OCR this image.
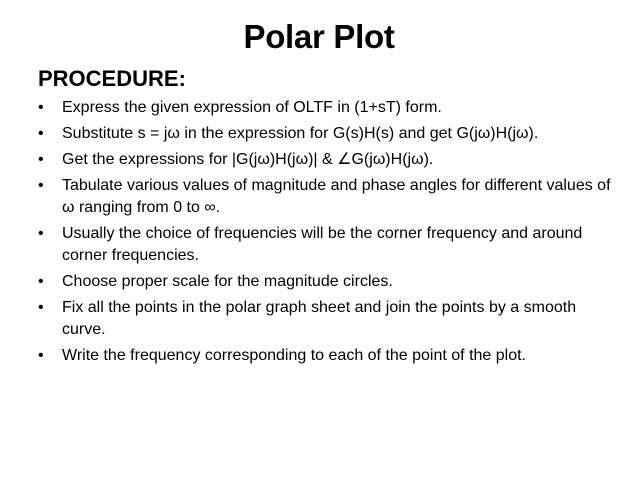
Polar Plot
PROCEDURE:
•	Express the given expression of OLTF in (1+sT) form.
•	Substitute s = jω in the expression for G(s)H(s) and get G(jω)H(jω).
•	Get the expressions for |G(jω)H(jω)| & ∠G(jω)H(jω).
•	Tabulate various values of magnitude and phase angles for different values of ω ranging from 0 to ∞.
•	Usually the choice of frequencies will be the corner frequency and around corner frequencies.
•	Choose proper scale for the magnitude circles.
•	Fix all the points in the polar graph sheet and join the points by a smooth curve.
•	Write the frequency corresponding to each of the point of the plot.
